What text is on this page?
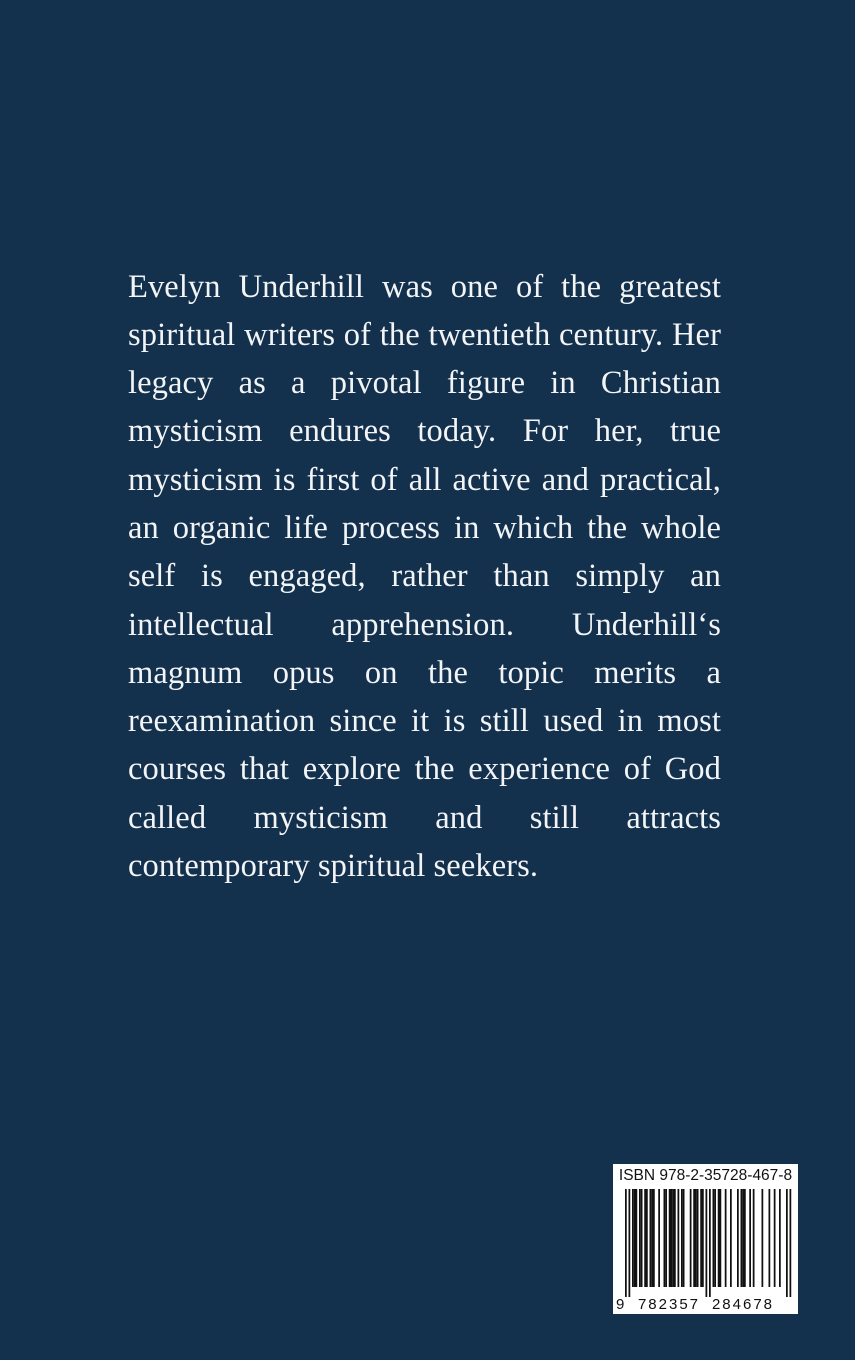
Evelyn Underhill was one of the greatest spiritual writers of the twentieth century. Her legacy as a pivotal figure in Christian mysticism endures today. For her, true mysticism is first of all active and practical, an organic life process in which the whole self is engaged, rather than simply an intellectual apprehension. Underhill‘s magnum opus on the topic merits a reexamination since it is still used in most courses that explore the experience of God called mysticism and still attracts contemporary spiritual seekers.

ISBN 978-2-35728-467-8
9 782357 284678
